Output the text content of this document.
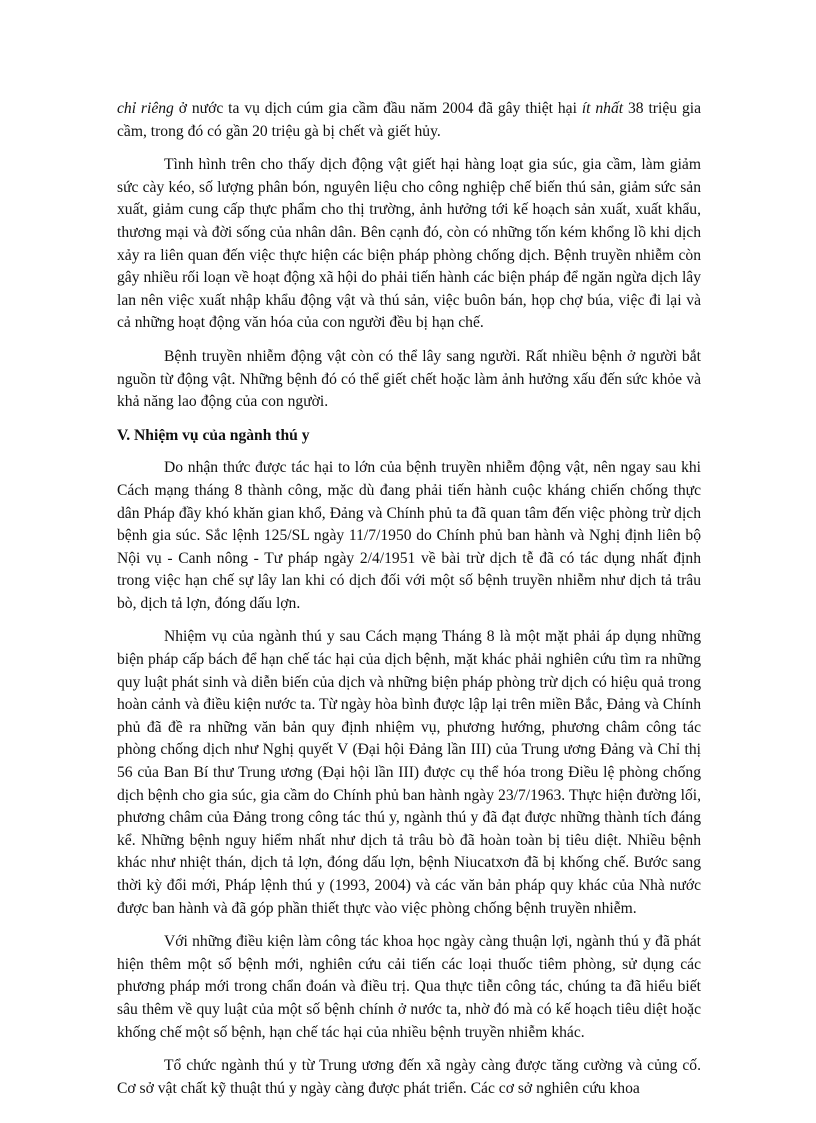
chỉ riêng ở nước ta vụ dịch cúm gia cầm đầu năm 2004 đã gây thiệt hại ít nhất 38 triệu gia cầm, trong đó có gần 20 triệu gà bị chết và giết hủy.

Tình hình trên cho thấy dịch động vật giết hại hàng loạt gia súc, gia cầm, làm giảm sức cày kéo, số lượng phân bón, nguyên liệu cho công nghiệp chế biến thú sản, giảm sức sản xuất, giảm cung cấp thực phẩm cho thị trường, ảnh hưởng tới kế hoạch sản xuất, xuất khẩu, thương mại và đời sống của nhân dân. Bên cạnh đó, còn có những tốn kém khổng lồ khi dịch xảy ra liên quan đến việc thực hiện các biện pháp phòng chống dịch. Bệnh truyền nhiễm còn gây nhiều rối loạn về hoạt động xã hội do phải tiến hành các biện pháp để ngăn ngừa dịch lây lan nên việc xuất nhập khẩu động vật và thú sản, việc buôn bán, họp chợ búa, việc đi lại và cả những hoạt động văn hóa của con người đều bị hạn chế.

Bệnh truyền nhiễm động vật còn có thể lây sang người. Rất nhiều bệnh ở người bắt nguồn từ động vật. Những bệnh đó có thể giết chết hoặc làm ảnh hưởng xấu đến sức khỏe và khả năng lao động của con người.

V. Nhiệm vụ của ngành thú y

Do nhận thức được tác hại to lớn của bệnh truyền nhiễm động vật, nên ngay sau khi Cách mạng tháng 8 thành công, mặc dù đang phải tiến hành cuộc kháng chiến chống thực dân Pháp đầy khó khăn gian khổ, Đảng và Chính phủ ta đã quan tâm đến việc phòng trừ dịch bệnh gia súc. Sắc lệnh 125/SL ngày 11/7/1950 do Chính phủ ban hành và Nghị định liên bộ Nội vụ - Canh nông - Tư pháp ngày 2/4/1951 về bài trừ dịch tễ đã có tác dụng nhất định trong việc hạn chế sự lây lan khi có dịch đối với một số bệnh truyền nhiễm như dịch tả trâu bò, dịch tả lợn, đóng dấu lợn.

Nhiệm vụ của ngành thú y sau Cách mạng Tháng 8 là một mặt phải áp dụng những biện pháp cấp bách để hạn chế tác hại của dịch bệnh, mặt khác phải nghiên cứu tìm ra những quy luật phát sinh và diễn biến của dịch và những biện pháp phòng trừ dịch có hiệu quả trong hoàn cảnh và điều kiện nước ta. Từ ngày hòa bình được lập lại trên miền Bắc, Đảng và Chính phủ đã đề ra những văn bản quy định nhiệm vụ, phương hướng, phương châm công tác phòng chống dịch như Nghị quyết V (Đại hội Đảng lần III) của Trung ương Đảng và Chỉ thị 56 của Ban Bí thư Trung ương (Đại hội lần III) được cụ thể hóa trong Điều lệ phòng chống dịch bệnh cho gia súc, gia cầm do Chính phủ ban hành ngày 23/7/1963. Thực hiện đường lối, phương châm của Đảng trong công tác thú y, ngành thú y đã đạt được những thành tích đáng kể. Những bệnh nguy hiểm nhất như dịch tả trâu bò đã hoàn toàn bị tiêu diệt. Nhiều bệnh khác như nhiệt thán, dịch tả lợn, đóng dấu lợn, bệnh Niucatxơn đã bị khống chế. Bước sang thời kỳ đổi mới, Pháp lệnh thú y (1993, 2004) và các văn bản pháp quy khác của Nhà nước được ban hành và đã góp phần thiết thực vào việc phòng chống bệnh truyền nhiễm.

Với những điều kiện làm công tác khoa học ngày càng thuận lợi, ngành thú y đã phát hiện thêm một số bệnh mới, nghiên cứu cải tiến các loại thuốc tiêm phòng, sử dụng các phương pháp mới trong chẩn đoán và điều trị. Qua thực tiễn công tác, chúng ta đã hiểu biết sâu thêm về quy luật của một số bệnh chính ở nước ta, nhờ đó mà có kế hoạch tiêu diệt hoặc khống chế một số bệnh, hạn chế tác hại của nhiều bệnh truyền nhiễm khác.

Tổ chức ngành thú y từ Trung ương đến xã ngày càng được tăng cường và củng cố. Cơ sở vật chất kỹ thuật thú y ngày càng được phát triển. Các cơ sở nghiên cứu khoa
